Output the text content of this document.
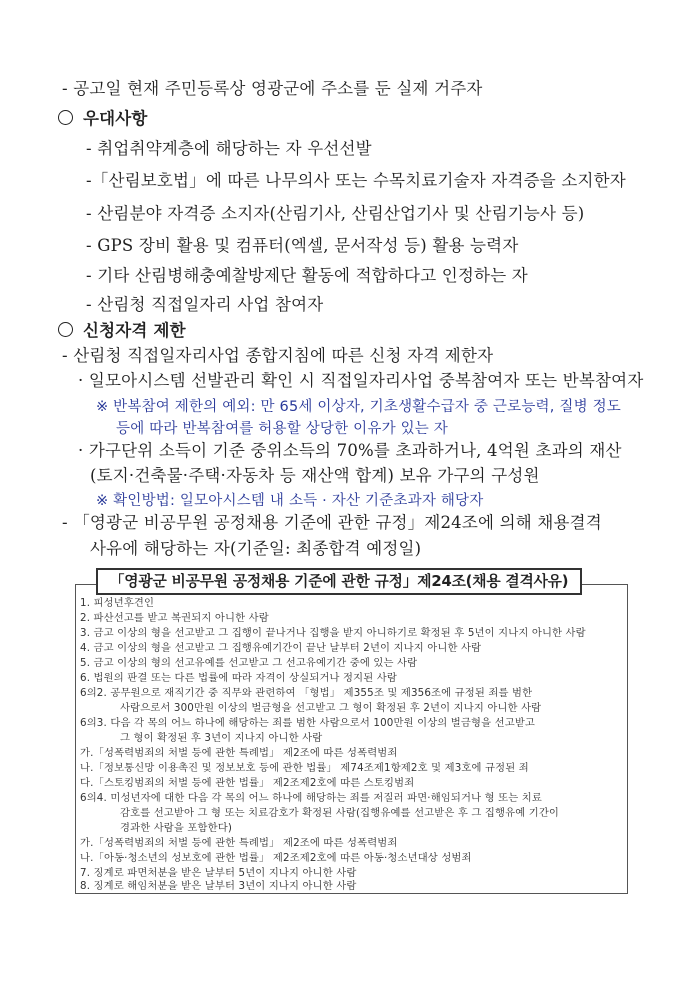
- 공고일 현재 주민등록상 영광군에 주소를 둔 실제 거주자
우대사항
- 취업취약계층에 해당하는 자 우선선발
-「산림보호법」에 따른 나무의사 또는 수목치료기술자 자격증을 소지한자
- 산림분야 자격증 소지자(산림기사, 산림산업기사 및 산림기능사 등)
- GPS 장비 활용 및 컴퓨터(엑셀, 문서작성 등) 활용 능력자
- 기타 산림병해충예찰방제단 활동에 적합하다고 인정하는 자
- 산림청 직접일자리 사업 참여자
신청자격 제한
- 산림청 직접일자리사업 종합지침에 따른 신청 자격 제한자
· 일모아시스템 선발관리 확인 시 직접일자리사업 중복참여자 또는 반복참여자
※ 반복참여 제한의 예외: 만 65세 이상자, 기초생활수급자 중 근로능력, 질병 정도
등에 따라 반복참여를 허용할 상당한 이유가 있는 자
· 가구단위 소득이 기준 중위소득의 70%를 초과하거나, 4억원 초과의 재산
(토지·건축물·주택·자동차 등 재산액 합계) 보유 가구의 구성원
※ 확인방법: 일모아시스템 내 소득 · 자산 기준초과자 해당자
- 「영광군 비공무원 공정채용 기준에 관한 규정」제24조에 의해 채용결격
사유에 해당하는 자(기준일: 최종합격 예정일)
「영광군 비공무원 공정채용 기준에 관한 규정」제24조(채용 결격사유)
1. 피성년후견인
2. 파산선고를 받고 복권되지 아니한 사람
3. 금고 이상의 형을 선고받고 그 집행이 끝나거나 집행을 받지 아니하기로 확정된 후 5년이 지나지 아니한 사람
4. 금고 이상의 형을 선고받고 그 집행유예기간이 끝난 날부터 2년이 지나지 아니한 사람
5. 금고 이상의 형의 선고유예를 선고받고 그 선고유예기간 중에 있는 사람
6. 법원의 판결 또는 다른 법률에 따라 자격이 상실되거나 정지된 사람
6의2. 공무원으로 재직기간 중 직무와 관련하여 「형법」 제355조 및 제356조에 규정된 죄를 범한
사람으로서 300만원 이상의 벌금형을 선고받고 그 형이 확정된 후 2년이 지나지 아니한 사람
6의3. 다음 각 목의 어느 하나에 해당하는 죄를 범한 사람으로서 100만원 이상의 벌금형을 선고받고
그 형이 확정된 후 3년이 지나지 아니한 사람
가.「성폭력범죄의 처벌 등에 관한 특례법」 제2조에 따른 성폭력범죄
나.「정보통신망 이용촉진 및 정보보호 등에 관한 법률」 제74조제1항제2호 및 제3호에 규정된 죄
다.「스토킹범죄의 처벌 등에 관한 법률」 제2조제2호에 따른 스토킹범죄
6의4. 미성년자에 대한 다음 각 목의 어느 하나에 해당하는 죄를 저질러 파면·해임되거나 형 또는 치료
감호를 선고받아 그 형 또는 치료감호가 확정된 사람(집행유예를 선고받은 후 그 집행유예 기간이
경과한 사람을 포함한다)
가.「성폭력범죄의 처벌 등에 관한 특례법」 제2조에 따른 성폭력범죄
나.「아동·청소년의 성보호에 관한 법률」 제2조제2호에 따른 아동·청소년대상 성범죄
7. 징계로 파면처분을 받은 날부터 5년이 지나지 아니한 사람
8. 징계로 해임처분을 받은 날부터 3년이 지나지 아니한 사람
